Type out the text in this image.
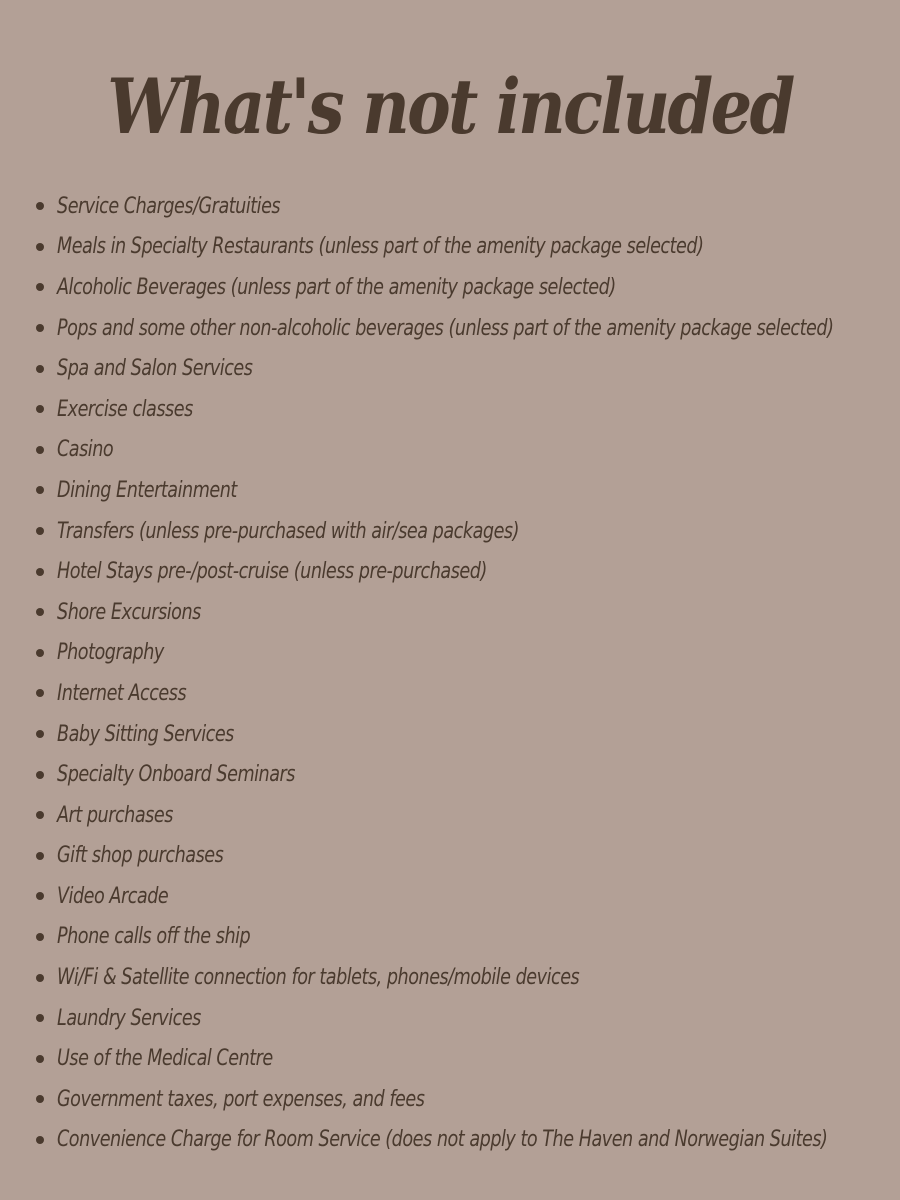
What's not included
Service Charges/Gratuities
Meals in Specialty Restaurants (unless part of the amenity package selected)
Alcoholic Beverages (unless part of the amenity package selected)
Pops and some other non-alcoholic beverages (unless part of the amenity package selected)
Spa and Salon Services
Exercise classes
Casino
Dining Entertainment
Transfers (unless pre-purchased with air/sea packages)
Hotel Stays pre-/post-cruise (unless pre-purchased)
Shore Excursions
Photography
Internet Access
Baby Sitting Services
Specialty Onboard Seminars
Art purchases
Gift shop purchases
Video Arcade
Phone calls off the ship
Wi/Fi & Satellite connection for tablets, phones/mobile devices
Laundry Services
Use of the Medical Centre
Government taxes, port expenses, and fees
Convenience Charge for Room Service (does not apply to The Haven and Norwegian Suites)
